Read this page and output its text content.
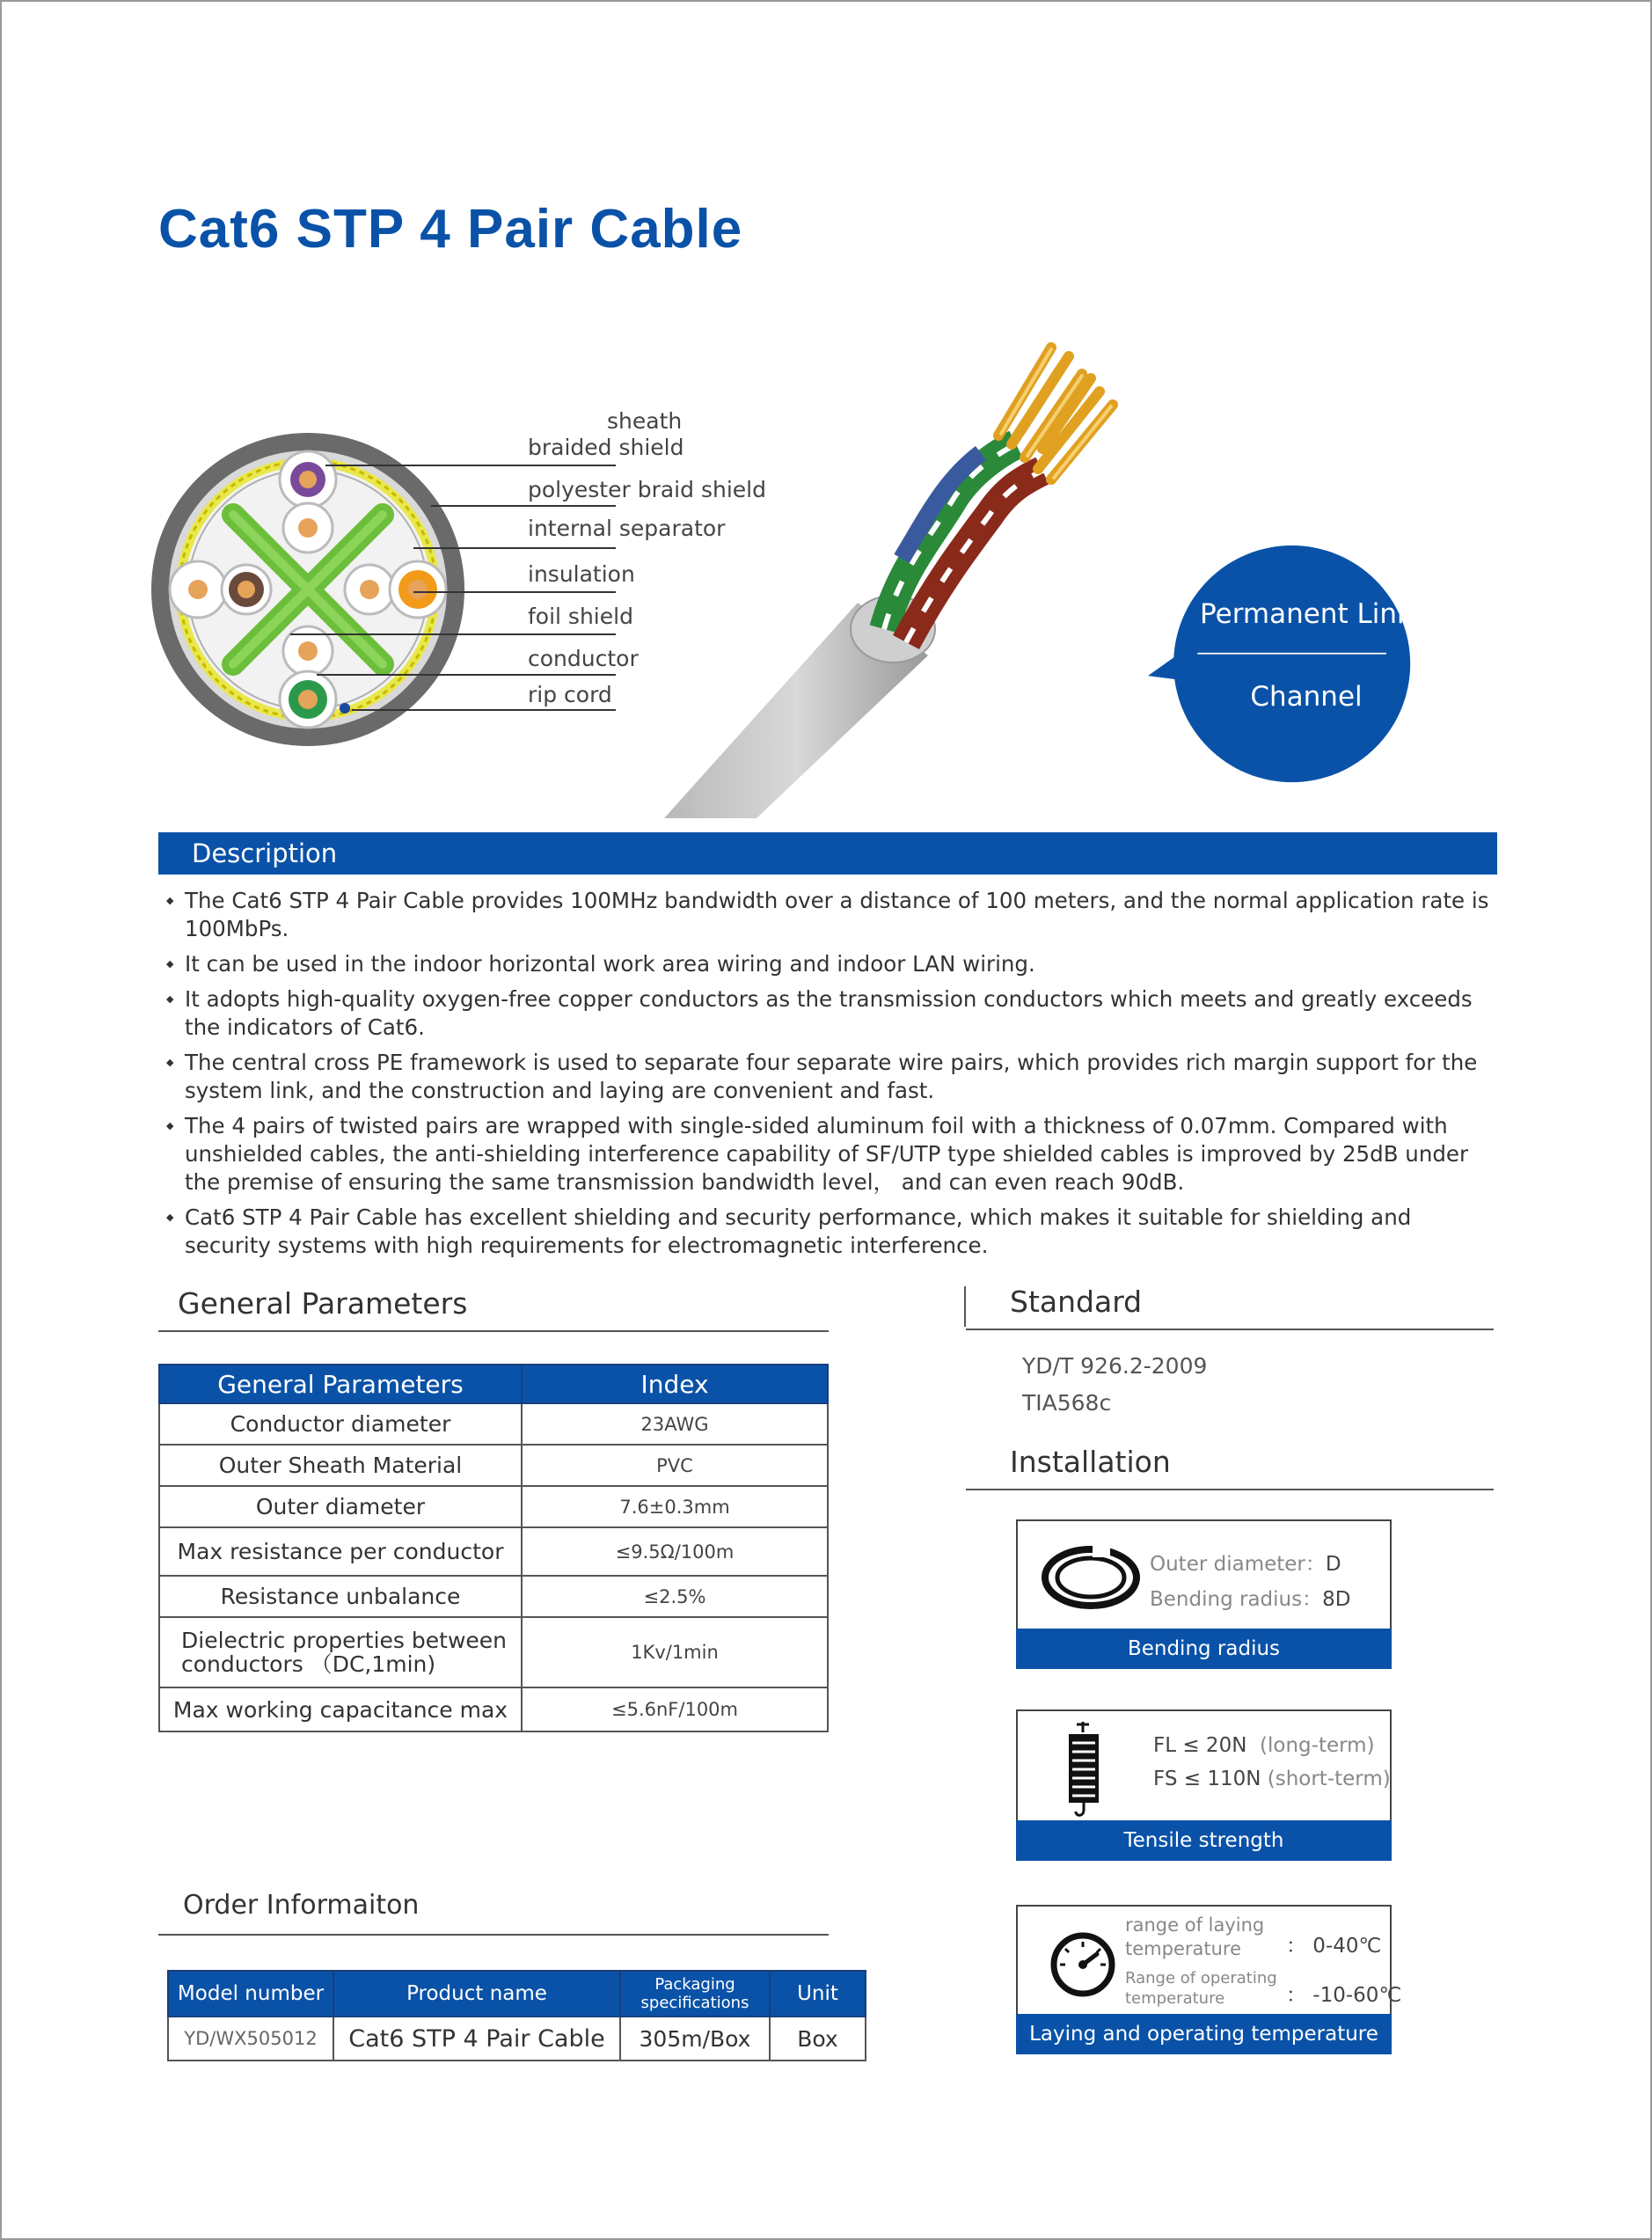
Cat6 STP 4 Pair Cable
sheath
braided shield
polyester braid shield
internal separator
insulation
foil shield
conductor
rip cord
Permanent Link
Channel
Description
◆ The Cat6 STP 4 Pair Cable provides 100MHz bandwidth over a distance of 100 meters, and the normal application rate is 100MbPs.
◆ It can be used in the indoor horizontal work area wiring and indoor LAN wiring.
◆ It adopts high-quality oxygen-free copper conductors as the transmission conductors which meets and greatly exceeds the indicators of Cat6.
◆ The central cross PE framework is used to separate four separate wire pairs, which provides rich margin support for the system link, and the construction and laying are convenient and fast.
◆ The 4 pairs of twisted pairs are wrapped with single-sided aluminum foil with a thickness of 0.07mm. Compared with unshielded cables, the anti-shielding interference capability of SF/UTP type shielded cables is improved by 25dB under the premise of ensuring the same transmission bandwidth level， and can even reach 90dB.
◆ Cat6 STP 4 Pair Cable has excellent shielding and security performance, which makes it suitable for shielding and security systems with high requirements for electromagnetic interference.
General Parameters
General Parameters	Index
Conductor diameter	23AWG
Outer Sheath Material	PVC
Outer diameter	7.6±0.3mm
Max resistance per conductor	≤9.5Ω/100m
Resistance unbalance	≤2.5%
Dielectric properties between conductors （DC,1min)	1Kv/1min
Max working capacitance max	≤5.6nF/100m
Order Informaiton
Model number	Product name	Packaging specifications	Unit
YD/WX505012	Cat6 STP 4 Pair Cable	305m/Box	Box
Standard
YD/T 926.2-2009
TIA568c
Installation
Outer diameter：D
Bending radius：8D
Bending radius
FL ≤ 20N (long-term)
FS ≤ 110N (short-term)
Tensile strength
range of laying temperature	： 0-40℃
Range of operating temperature	： -10-60℃
Laying and operating temperature
